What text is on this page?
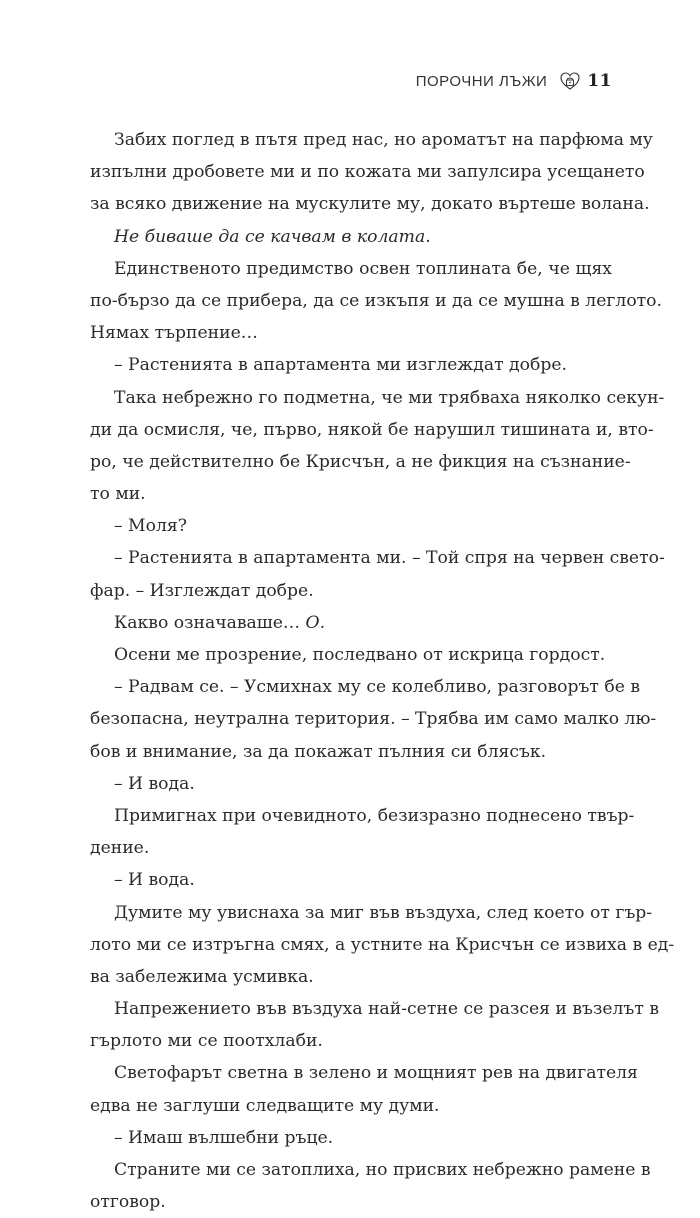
ПОРОЧНИ ЛЪЖИ 11
Забих поглед в пътя пред нас, но ароматът на парфюма му
изпълни дробовете ми и по кожата ми запулсира усещането
за всяко движение на мускулите му, докато въртеше волана.
Не биваше да се качвам в колата.
Единственото предимство освен топлината бе, че щях
по-бързо да се прибера, да се изкъпя и да се мушна в леглото.
Нямах търпение…
– Растенията в апартамента ми изглеждат добре.
Така небрежно го подметна, че ми трябваха няколко секун-
ди да осмисля, че, първо, някой бе нарушил тишината и, вто-
ро, че действително бе Крисчън, а не фикция на съзнание-
то ми.
– Моля?
– Растенията в апартамента ми. – Той спря на червен свето-
фар. – Изглеждат добре.
Какво означаваше… О.
Осени ме прозрение, последвано от искрица гордост.
– Радвам се. – Усмихнах му се колебливо, разговорът бе в
безопасна, неутрална територия. – Трябва им само малко лю-
бов и внимание, за да покажат пълния си блясък.
– И вода.
Примигнах при очевидното, безизразно поднесено твър-
дение.
– И вода.
Думите му увиснаха за миг във въздуха, след което от гър-
лото ми се изтръгна смях, а устните на Крисчън се извиха в ед-
ва забележима усмивка.
Напрежението във въздуха най-сетне се разсея и възелът в
гърлото ми се поотхлаби.
Светофарът светна в зелено и мощният рев на двигателя
едва не заглуши следващите му думи.
– Имаш вълшебни ръце.
Страните ми се затоплиха, но присвих небрежно рамене в
отговор.
